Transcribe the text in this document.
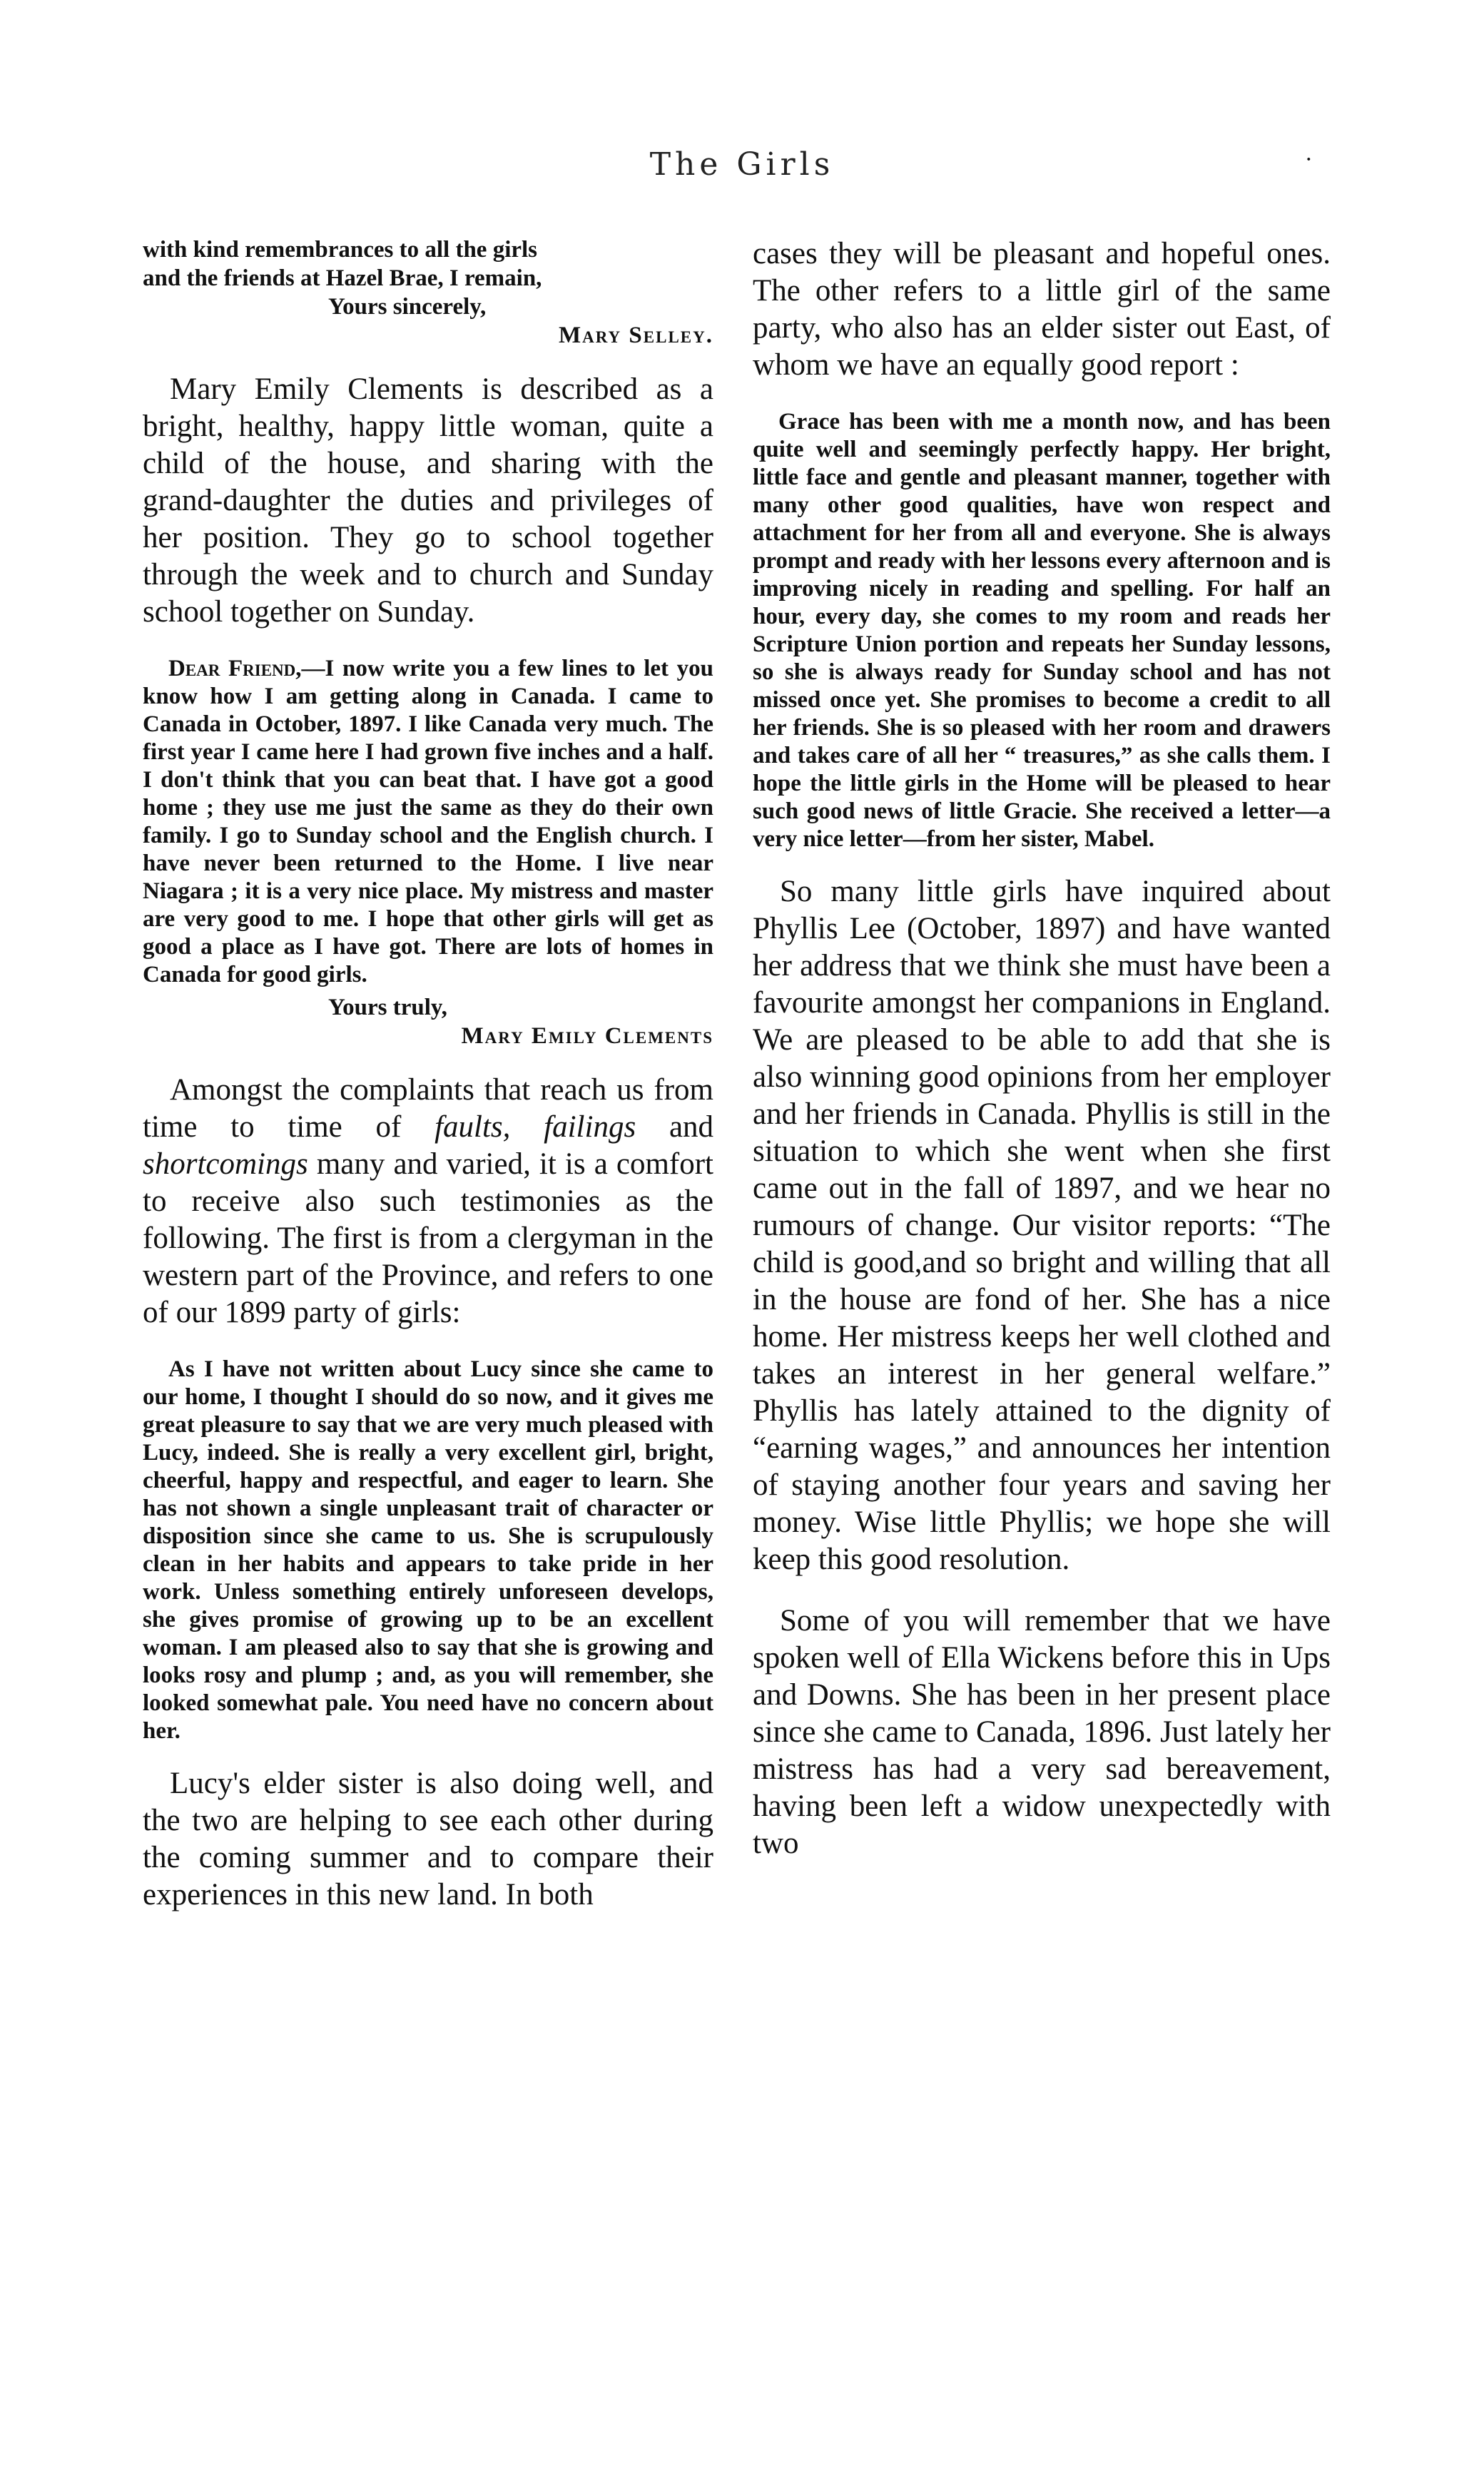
The Girls	·
with kind remembrances to all the girls
and the friends at Hazel Brae, I remain,
Yours sincerely,
Mary Selley.

Mary Emily Clements is described as a bright, healthy, happy little woman, quite a child of the house, and sharing with the grand-daughter the duties and privileges of her position. They go to school together through the week and to church and Sunday school together on Sunday.

Dear Friend,—I now write you a few lines to let you know how I am getting along in Canada. I came to Canada in October, 1897. I like Canada very much. The first year I came here I had grown five inches and a half. I don't think that you can beat that. I have got a good home ; they use me just the same as they do their own family. I go to Sunday school and the English church. I have never been returned to the Home. I live near Niagara ; it is a very nice place. My mistress and master are very good to me. I hope that other girls will get as good a place as I have got. There are lots of homes in Canada for good girls.

Yours truly,
Mary Emily Clements

Amongst the complaints that reach us from time to time of faults, failings and shortcomings many and varied, it is a comfort to receive also such testimonies as the following. The first is from a clergyman in the western part of the Province, and refers to one of our 1899 party of girls:

As I have not written about Lucy since she came to our home, I thought I should do so now, and it gives me great pleasure to say that we are very much pleased with Lucy, indeed. She is really a very excellent girl, bright, cheerful, happy and respectful, and eager to learn. She has not shown a single unpleasant trait of character or disposition since she came to us. She is scrupulously clean in her habits and appears to take pride in her work. Unless something entirely unforeseen develops, she gives promise of growing up to be an excellent woman. I am pleased also to say that she is growing and looks rosy and plump ; and, as you will remember, she looked somewhat pale. You need have no concern about her.

Lucy's elder sister is also doing well, and the two are helping to see each other during the coming summer and to compare their experiences in this new land. In both

cases they will be pleasant and hopeful ones. The other refers to a little girl of the same party, who also has an elder sister out East, of whom we have an equally good report :

Grace has been with me a month now, and has been quite well and seemingly perfectly happy. Her bright, little face and gentle and pleasant manner, together with many other good qualities, have won respect and attachment for her from all and everyone. She is always prompt and ready with her lessons every afternoon and is improving nicely in reading and spelling. For half an hour, every day, she comes to my room and reads her Scripture Union portion and repeats her Sunday lessons, so she is always ready for Sunday school and has not missed once yet. She promises to become a credit to all her friends. She is so pleased with her room and drawers and takes care of all her “ treasures,” as she calls them. I hope the little girls in the Home will be pleased to hear such good news of little Gracie. She received a letter—a very nice letter—from her sister, Mabel.

So many little girls have inquired about Phyllis Lee (October, 1897) and have wanted her address that we think she must have been a favourite amongst her companions in England. We are pleased to be able to add that she is also winning good opinions from her employer and her friends in Canada. Phyllis is still in the situation to which she went when she first came out in the fall of 1897, and we hear no rumours of change. Our visitor reports: “The child is good,and so bright and willing that all in the house are fond of her. She has a nice home. Her mistress keeps her well clothed and takes an interest in her general welfare.” Phyllis has lately attained to the dignity of “earning wages,” and announces her intention of staying another four years and saving her money. Wise little Phyllis; we hope she will keep this good resolution.

Some of you will remember that we have spoken well of Ella Wickens before this in Ups and Downs. She has been in her present place since she came to Canada, 1896. Just lately her mistress has had a very sad bereavement, having been left a widow unexpectedly with two
